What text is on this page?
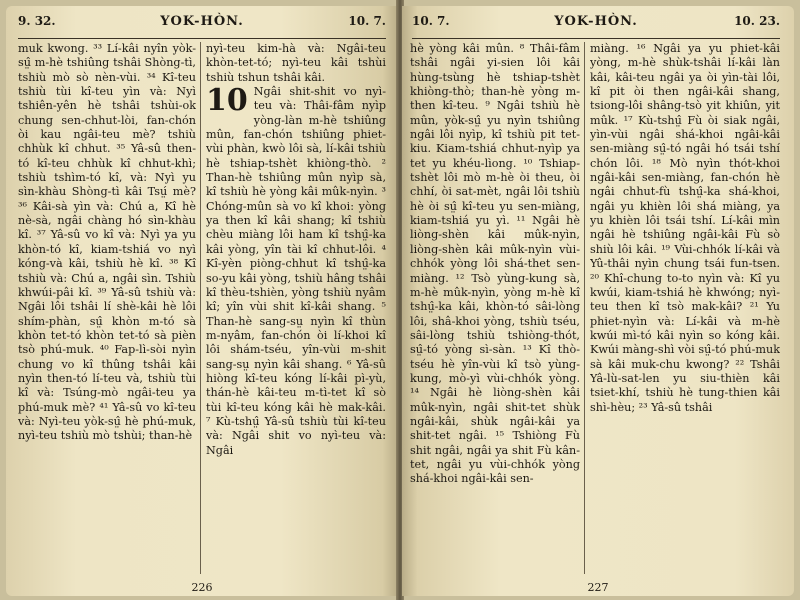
9. 32.	YOK-HÒN.	10. 7.

muk kwong. ³³ Lí-kâi nyîn yòk-sṳ̂ m-hè tshiûng tshâi Shòng-tì, tshiù mò sò nèn-vùi. ³⁴ Kî-teu tshiù tùi kî-teu yìn và: Nyì tshiên-yên hè tshâi tshùi-ok chung sen-chhut-lòi, fan-chón òi kau ngâi-teu mè? tshiù chhùk kî chhut. ³⁵ Yâ-sû then-tó kî-teu chhùk kî chhut-khì; tshiù tshìm-tó kî, và: Nyì yu sìn-khàu Shòng-tì kâi Tsṳ́ mè? ³⁶ Kâi-sà yìn và: Chú a, Kî hè nè-sà, ngâi chàng hó sìn-khàu kî. ³⁷ Yâ-sû vo kî và: Nyì ya yu khòn-tó kî, kiam-tshiá vo nyì kóng-và kâi, tshiù hè kî. ³⁸ Kî tshiù và: Chú a, ngâi sìn. Tshiù khwúi-pâi kî. ³⁹ Yâ-sû tshiù và: Ngâi lôi tshâi lí shè-kâi hè lôi shím-phàn, sṳ̂ khòn m-tó sà khòn tet-tó khòn tet-tó sà pièn tsò phú-muk. ⁴⁰ Fap-lì-sòi nyìn chung vo kî thûng tshâi kâi nyìn then-tó lí-teu và, tshiù tùi kî và: Tsúng-mò ngâi-teu ya phú-muk mè? ⁴¹ Yâ-sû vo kî-teu và: Nyì-teu yòk-sṳ̂ hè phú-muk, nyì-teu tshiù mò tshùi; than-hè

nyì-teu kim-hà và: Ngâi-teu khòn-tet-tó; nyì-teu kâi tshùi tshiù tshun tshâi kâi.

10 Ngâi shit-shit vo nyì-teu và: Thâi-fâm nyìp yòng-làn m-hè tshiûng mûn, fan-chón tshiûng phiet-vùi phàn, kwò lôi sà, lí-kâi tshiù hè tshiap-tshèt khiòng-thò. ² Than-hè tshiûng mûn nyìp sà, kî tshiù hè yòng kâi mûk-nyìn. ³ Chóng-mûn sà vo kî khoi: yòng ya then kî kâi shang; kî tshiù chèu miàng lôi ham kî tshṳ̂-ka kâi yòng, yîn tài kî chhut-lôi. ⁴ Kî-yèn piòng-chhut kî tshṳ̂-ka so-yu kâi yòng, tshiù hâng tshâi kî thèu-tshièn, yòng tshiù nyâm kî; yîn vùi shit kî-kâi shang. ⁵ Than-hè sang-sṳ nyìn kî thùn m-nyâm, fan-chón òi lí-khoi kî lôi shám-tséu, yîn-vùi m-shit sang-sṳ nyìn kâi shang. ⁶ Yâ-sû hiòng kî-teu kóng lí-kâi pì-yù, thán-hè kâi-teu m-tì-tet kî sò tùi kî-teu kóng kâi hè mak-kâi. ⁷ Kù-tshṳ̂ Yâ-sû tshiù tùi kî-teu và: Ngâi shit vo nyì-teu và: Ngâi

226
10. 7.	YOK-HÒN.	10. 23.

hè yòng kâi mûn. ⁸ Thâi-fâm tshâi ngâi yi-sien lôi kâi hùng-tsùng hè tshiap-tshèt khiòng-thò; than-hè yòng m-then kî-teu. ⁹ Ngâi tshiù hè mûn, yòk-sṳ̂ yu nyìn tshiûng ngâi lôi nyìp, kî tshiù pit tet-kiu. Kiam-tshiá chhut-nyìp ya tet yu khéu-lìong. ¹⁰ Tshiap-tshèt lôi mò m-hè òi theu, òi chhí, òi sat-mèt, ngâi lôi tshiù hè òi sṳ̂ kî-teu yu sen-miàng, kiam-tshiá yu yì. ¹¹ Ngâi hè liòng-shèn kâi mûk-nyìn, liòng-shèn kâi mûk-nyìn vùi-chhók yòng lôi shá-thet sen-miàng. ¹² Tsò yùng-kung sà, m-hè mûk-nyìn, yòng m-hè kî tshṳ̂-ka kâi, khòn-tó sâi-lòng lôi, shâ-khoi yòng, tshiù tséu, sâi-lòng tshiù tshiòng-thót, sṳ̂-tó yòng sì-sàn. ¹³ Kî thò-tséu hè yîn-vùi kî tsò yùng-kung, mò-yì vùi-chhók yòng. ¹⁴ Ngâi hè liòng-shèn kâi mûk-nyìn, ngâi shit-tet shùk ngâi-kâi, shùk ngâi-kâi ya shit-tet ngâi. ¹⁵ Tshiòng Fù shit ngâi, ngâi ya shit Fù kân-tet, ngâi yu vùi-chhók yòng shá-khoi ngâi-kâi sen-

miàng. ¹⁶ Ngâi ya yu phiet-kâi yòng, m-hè shùk-tshâi lí-kâi làn kâi, kâi-teu ngâi ya òi yìn-tài lôi, kî pit òi then ngâi-kâi shang, tsiong-lôi shâng-tsò yit khiûn, yit mûk. ¹⁷ Kù-tshṳ̂ Fù òi siak ngâi, yìn-vùi ngâi shá-khoi ngâi-kâi sen-miàng sṳ̂-tó ngâi hó tsái tshí chón lôi. ¹⁸ Mò nyìn thót-khoi ngâi-kâi sen-miàng, fan-chón hè ngâi chhut-fù tshṳ̂-ka shá-khoi, ngâi yu khièn lôi shá miàng, ya yu khièn lôi tsái tshí. Lí-kâi mìn ngâi hè tshiûng ngâi-kâi Fù sò shiù lôi kâi. ¹⁹ Vùi-chhók lí-kâi và Yû-thâi nyìn chung tsái fun-tsen. ²⁰ Khî-chung to-to nyìn và: Kî yu kwúi, kiam-tshiá hè khwóng; nyì-teu then kî tsò mak-kâi? ²¹ Yu phiet-nyìn và: Lí-kâi và m-hè kwúi mì-tó kâi nyìn so kóng kâi. Kwúi màng-shì vòi sṳ̂-tó phú-muk sà kâi muk-chu kwong? ²² Tshâi Yâ-lù-sat-len yu siu-thièn kâi tsiet-khí, tshiù hè tung-thien kâi shì-hèu; ²³ Yâ-sû tshâi

227
